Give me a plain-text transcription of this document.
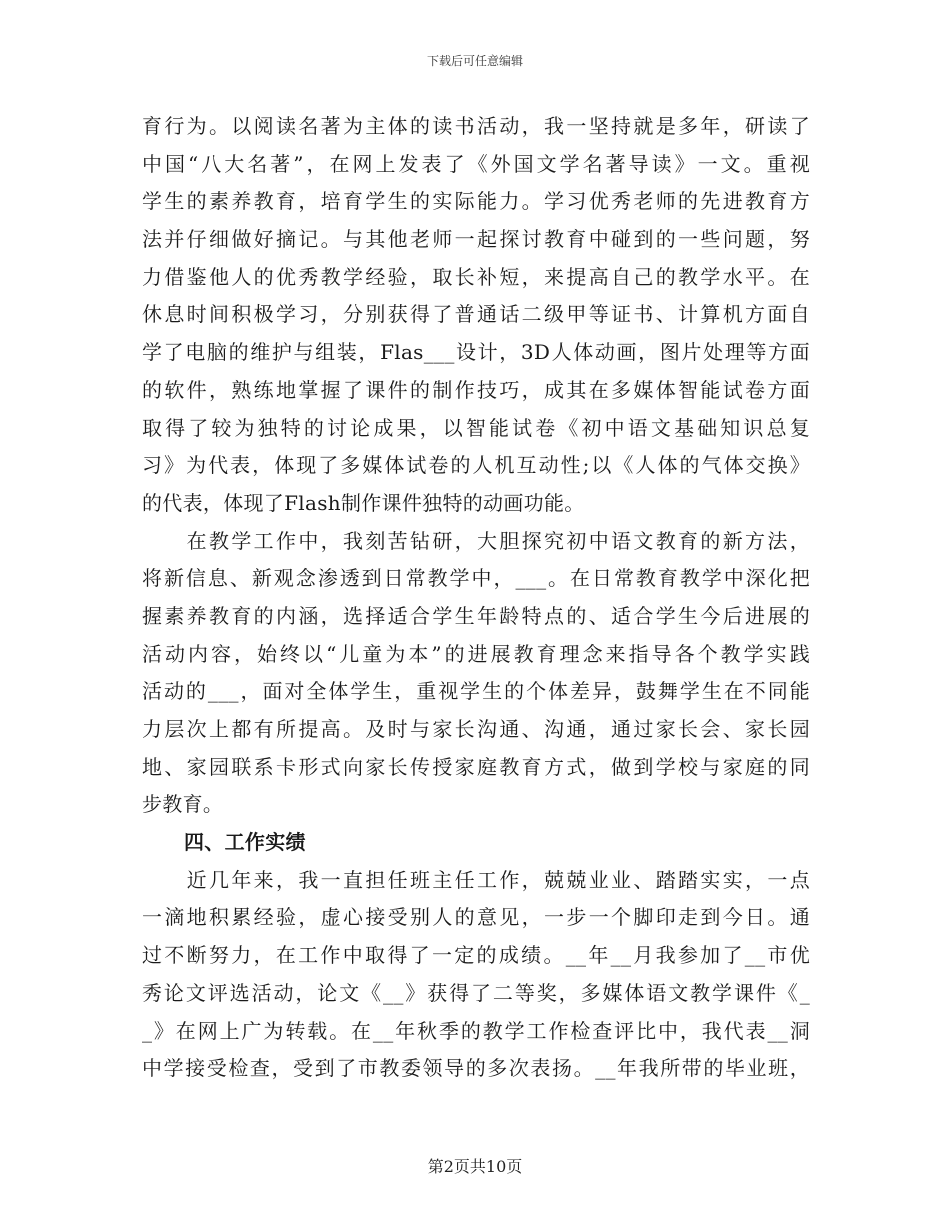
下载后可任意编辑
育行为。以阅读名著为主体的读书活动，我一坚持就是多年，研读了
中国“八大名著”，在网上发表了《外国文学名著导读》一文。重视
学生的素养教育，培育学生的实际能力。学习优秀老师的先进教育方
法并仔细做好摘记。与其他老师一起探讨教育中碰到的一些问题，努
力借鉴他人的优秀教学经验，取长补短，来提高自己的教学水平。在
休息时间积极学习，分别获得了普通话二级甲等证书、计算机方面自
学了电脑的维护与组装，Flas___设计，3D人体动画，图片处理等方面
的软件，熟练地掌握了课件的制作技巧，成其在多媒体智能试卷方面
取得了较为独特的讨论成果，以智能试卷《初中语文基础知识总复
习》为代表，体现了多媒体试卷的人机互动性;以《人体的气体交换》
的代表，体现了Flash制作课件独特的动画功能。
　　在教学工作中，我刻苦钻研，大胆探究初中语文教育的新方法，
将新信息、新观念渗透到日常教学中，___。在日常教育教学中深化把
握素养教育的内涵，选择适合学生年龄特点的、适合学生今后进展的
活动内容，始终以“儿童为本”的进展教育理念来指导各个教学实践
活动的___，面对全体学生，重视学生的个体差异，鼓舞学生在不同能
力层次上都有所提高。及时与家长沟通、沟通，通过家长会、家长园
地、家园联系卡形式向家长传授家庭教育方式，做到学校与家庭的同
步教育。
四、工作实绩
　　近几年来，我一直担任班主任工作，兢兢业业、踏踏实实，一点
一滴地积累经验，虚心接受别人的意见，一步一个脚印走到今日。通
过不断努力，在工作中取得了一定的成绩。__年__月我参加了__市优
秀论文评选活动，论文《__》获得了二等奖，多媒体语文教学课件《_
_》在网上广为转载。在__年秋季的教学工作检查评比中，我代表__洞
中学接受检查，受到了市教委领导的多次表扬。__年我所带的毕业班，
第2页共10页
